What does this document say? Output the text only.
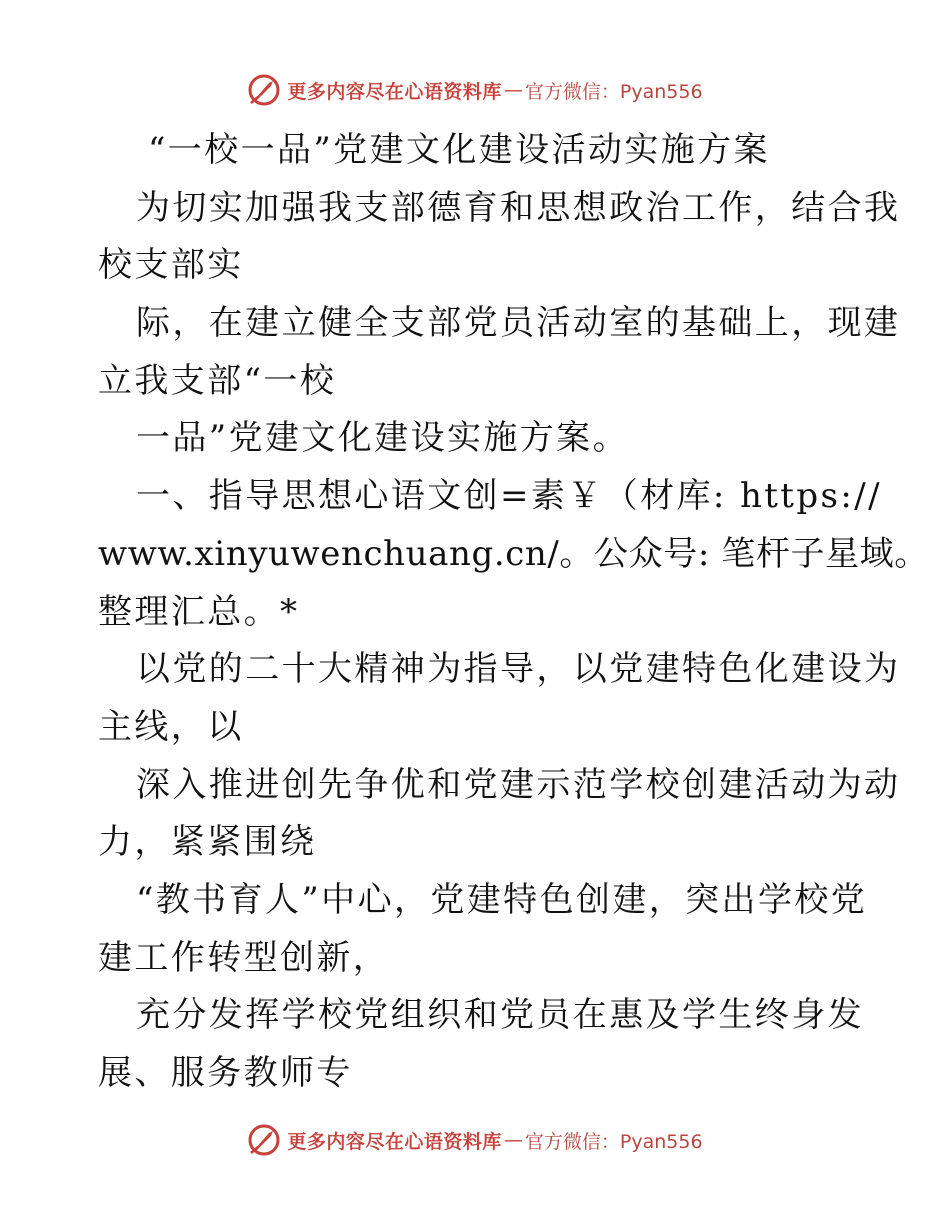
更多内容尽在心语资料库 — 官方微信：Pyan556
“一校一品”党建文化建设活动实施方案
为切实加强我支部德育和思想政治工作，结合我
校支部实
际，在建立健全支部党员活动室的基础上，现建
立我支部“一校
一品”党建文化建设实施方案。
一、指导思想心语文创=素￥（材库: https://
www.xinyuwenchuang.cn/。公众号: 笔杆子星域。
整理汇总。*
以党的二十大精神为指导，以党建特色化建设为
主线，以
深入推进创先争优和党建示范学校创建活动为动
力，紧紧围绕
“教书育人”中心，党建特色创建，突出学校党
建工作转型创新，
充分发挥学校党组织和党员在惠及学生终身发
展、服务教师专
更多内容尽在心语资料库 — 官方微信：Pyan556
